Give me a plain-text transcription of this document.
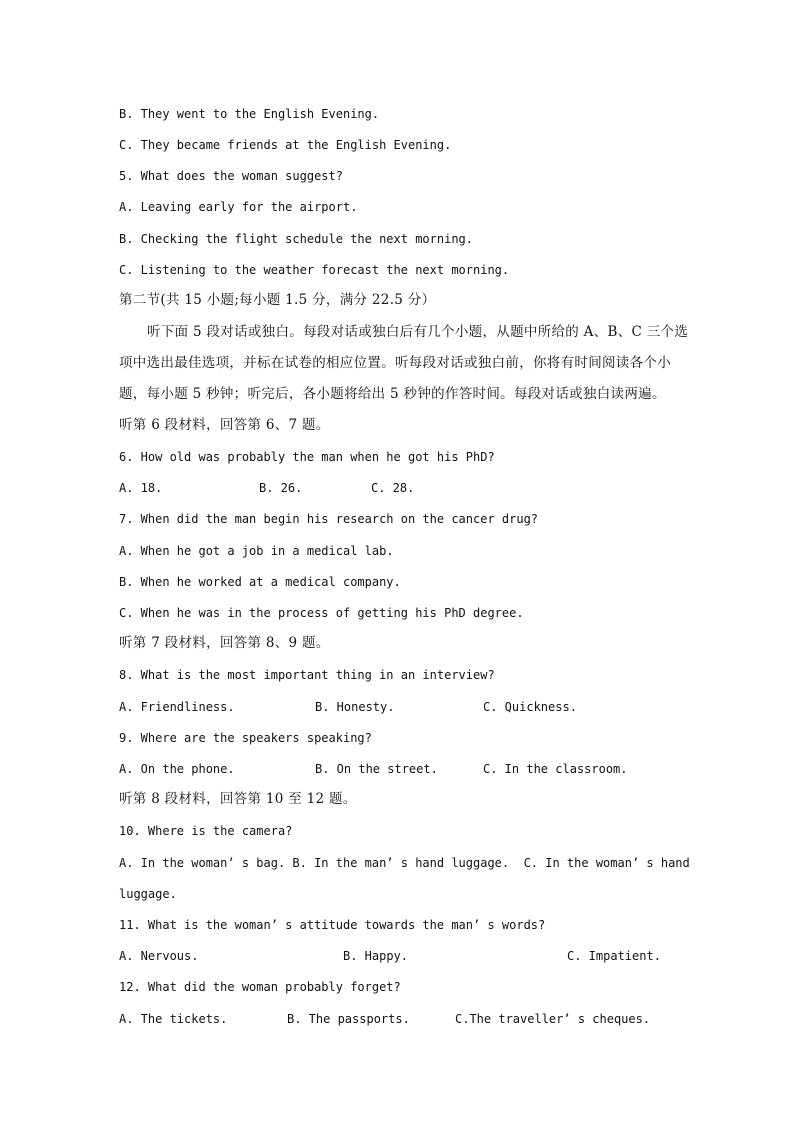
B. They went to the English Evening.
C. They became friends at the English Evening.
5. What does the woman suggest?
A. Leaving early for the airport.
B. Checking the flight schedule the next morning.
C. Listening to the weather forecast the next morning.
第二节(共 15 小题;每小题 1.5 分，满分 22.5 分）
听下面 5 段对话或独白。每段对话或独白后有几个小题，从题中所给的 A、B、C 三个选
项中选出最佳选项，并标在试卷的相应位置。听每段对话或独白前，你将有时间阅读各个小
题，每小题 5 秒钟；听完后，各小题将给出 5 秒钟的作答时间。每段对话或独白读两遍。
听第 6 段材料，回答第 6、7 题。
6. How old was probably the man when he got his PhD?
A. 18.	B. 26.	C. 28.
7. When did the man begin his research on the cancer drug?
A. When he got a job in a medical lab.
B. When he worked at a medical company.
C. When he was in the process of getting his PhD degree.
听第 7 段材料，回答第 8、9 题。
8. What is the most important thing in an interview?
A. Friendliness.	B. Honesty.	C. Quickness.
9. Where are the speakers speaking?
A. On the phone.	B. On the street.	C. In the classroom.
听第 8 段材料，回答第 10 至 12 题。
10. Where is the camera?
A. In the woman’ s bag. B. In the man’ s hand luggage.  C. In the woman’ s hand
luggage.
11. What is the woman’ s attitude towards the man’ s words?
A. Nervous.	B. Happy.	C. Impatient.
12. What did the woman probably forget?
A. The tickets.	B. The passports.	C.The traveller’ s cheques.
